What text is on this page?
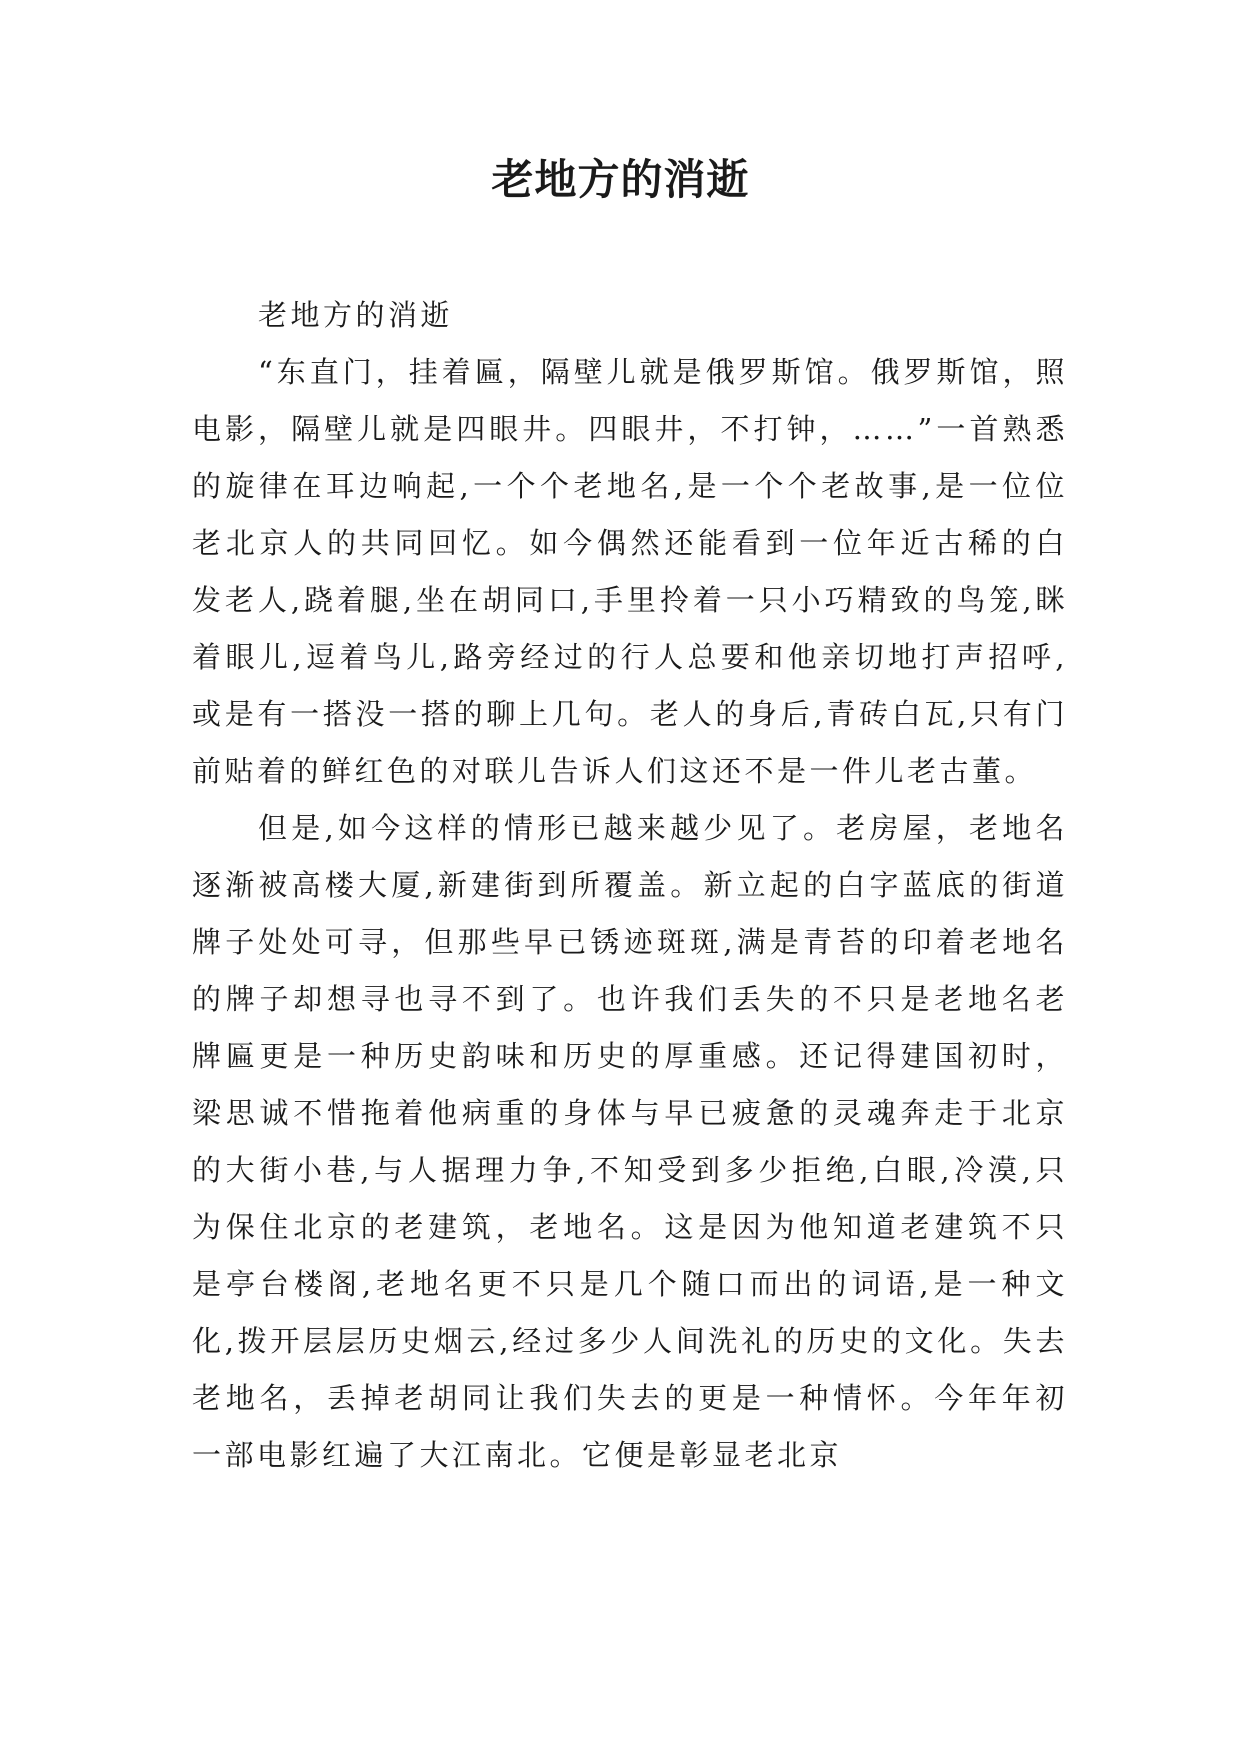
老地方的消逝

老地方的消逝

“东直门，挂着匾，隔壁儿就是俄罗斯馆。俄罗斯馆，照电影，隔壁儿就是四眼井。四眼井，不打钟，……”一首熟悉的旋律在耳边响起,一个个老地名,是一个个老故事,是一位位老北京人的共同回忆。如今偶然还能看到一位年近古稀的白发老人,跷着腿,坐在胡同口,手里拎着一只小巧精致的鸟笼,眯着眼儿,逗着鸟儿,路旁经过的行人总要和他亲切地打声招呼,或是有一搭没一搭的聊上几句。老人的身后,青砖白瓦,只有门前贴着的鲜红色的对联儿告诉人们这还不是一件儿老古董。

但是,如今这样的情形已越来越少见了。老房屋，老地名逐渐被高楼大厦,新建街到所覆盖。新立起的白字蓝底的街道牌子处处可寻，但那些早已锈迹斑斑,满是青苔的印着老地名的牌子却想寻也寻不到了。也许我们丢失的不只是老地名老牌匾更是一种历史韵味和历史的厚重感。还记得建国初时，梁思诚不惜拖着他病重的身体与早已疲惫的灵魂奔走于北京的大街小巷,与人据理力争,不知受到多少拒绝,白眼,冷漠,只为保住北京的老建筑，老地名。这是因为他知道老建筑不只是亭台楼阁,老地名更不只是几个随口而出的词语,是一种文化,拨开层层历史烟云,经过多少人间洗礼的历史的文化。失去老地名，丢掉老胡同让我们失去的更是一种情怀。今年年初一部电影红遍了大江南北。它便是彰显老北京
